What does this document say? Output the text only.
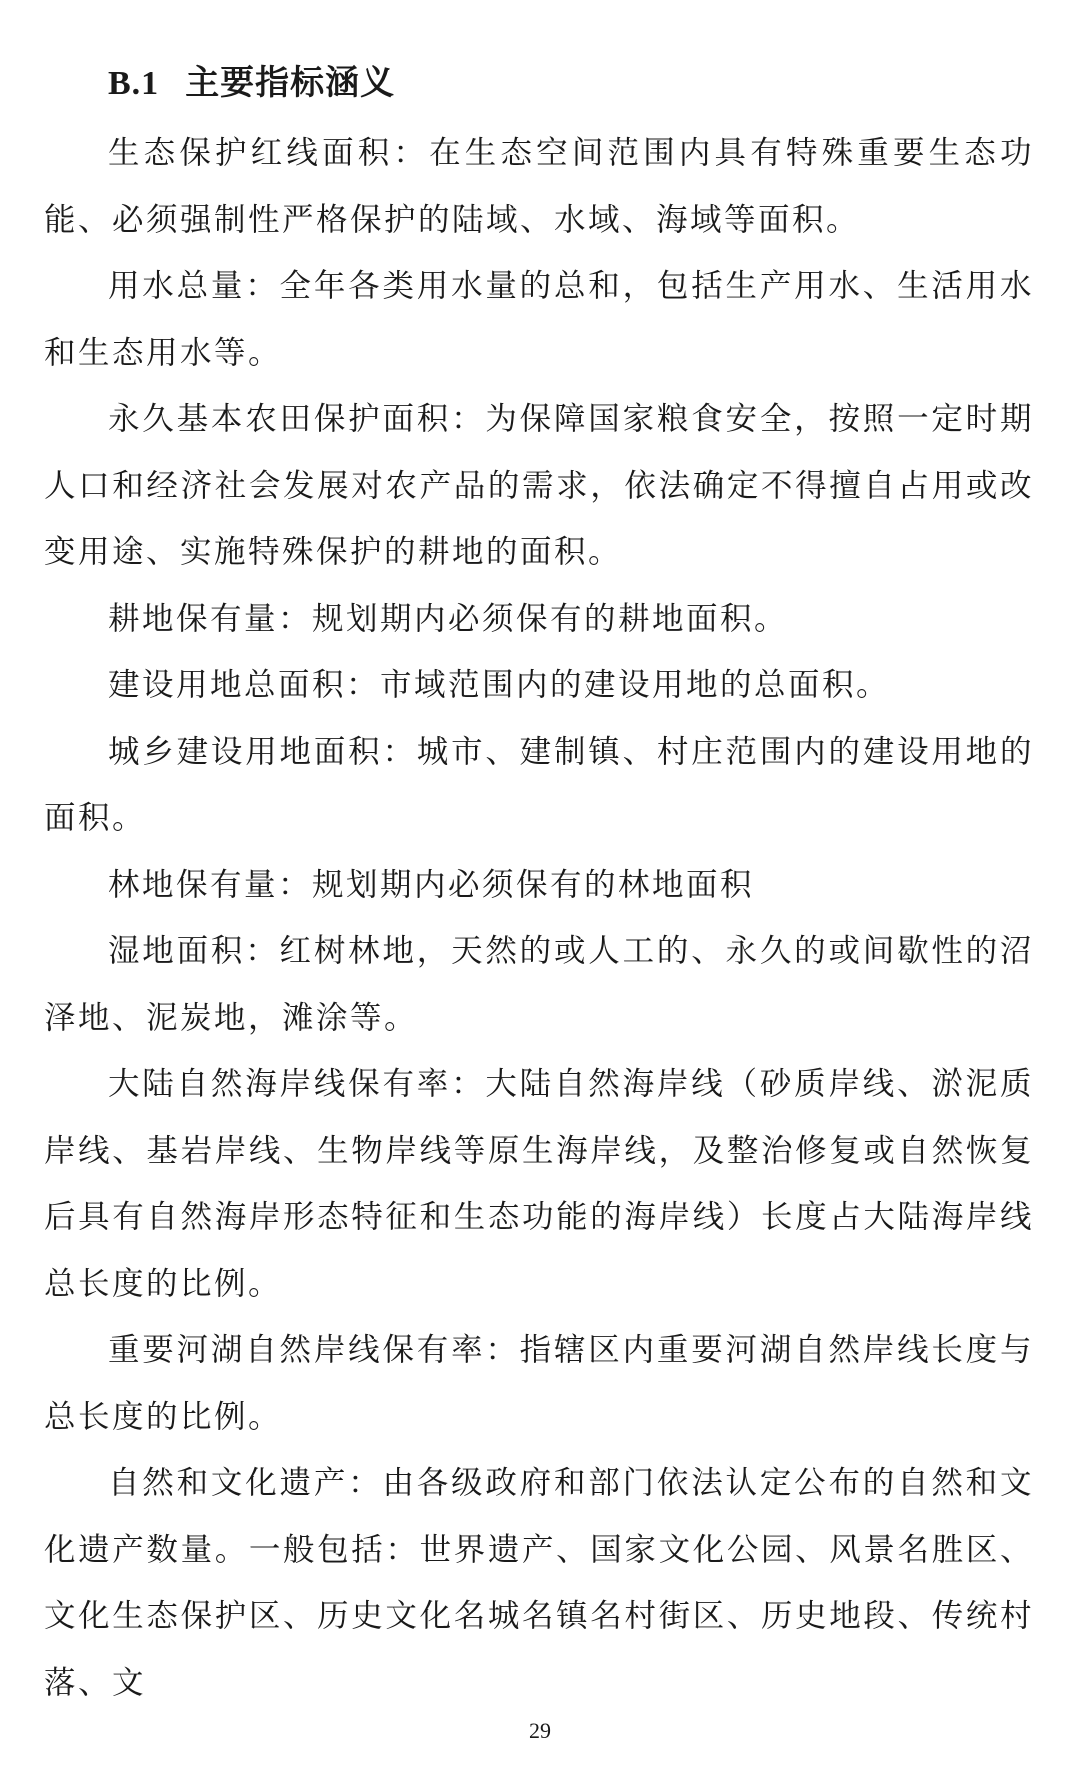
B.1 主要指标涵义

生态保护红线面积：在生态空间范围内具有特殊重要生态功能、必须强制性严格保护的陆域、水域、海域等面积。

用水总量：全年各类用水量的总和，包括生产用水、生活用水和生态用水等。

永久基本农田保护面积：为保障国家粮食安全，按照一定时期人口和经济社会发展对农产品的需求，依法确定不得擅自占用或改变用途、实施特殊保护的耕地的面积。

耕地保有量：规划期内必须保有的耕地面积。

建设用地总面积：市域范围内的建设用地的总面积。

城乡建设用地面积：城市、建制镇、村庄范围内的建设用地的面积。

林地保有量：规划期内必须保有的林地面积

湿地面积：红树林地，天然的或人工的、永久的或间歇性的沼泽地、泥炭地，滩涂等。

大陆自然海岸线保有率：大陆自然海岸线（砂质岸线、淤泥质岸线、基岩岸线、生物岸线等原生海岸线，及整治修复或自然恢复后具有自然海岸形态特征和生态功能的海岸线）长度占大陆海岸线总长度的比例。

重要河湖自然岸线保有率：指辖区内重要河湖自然岸线长度与总长度的比例。

自然和文化遗产：由各级政府和部门依法认定公布的自然和文化遗产数量。一般包括：世界遗产、国家文化公园、风景名胜区、文化生态保护区、历史文化名城名镇名村街区、历史地段、传统村落、文

29
